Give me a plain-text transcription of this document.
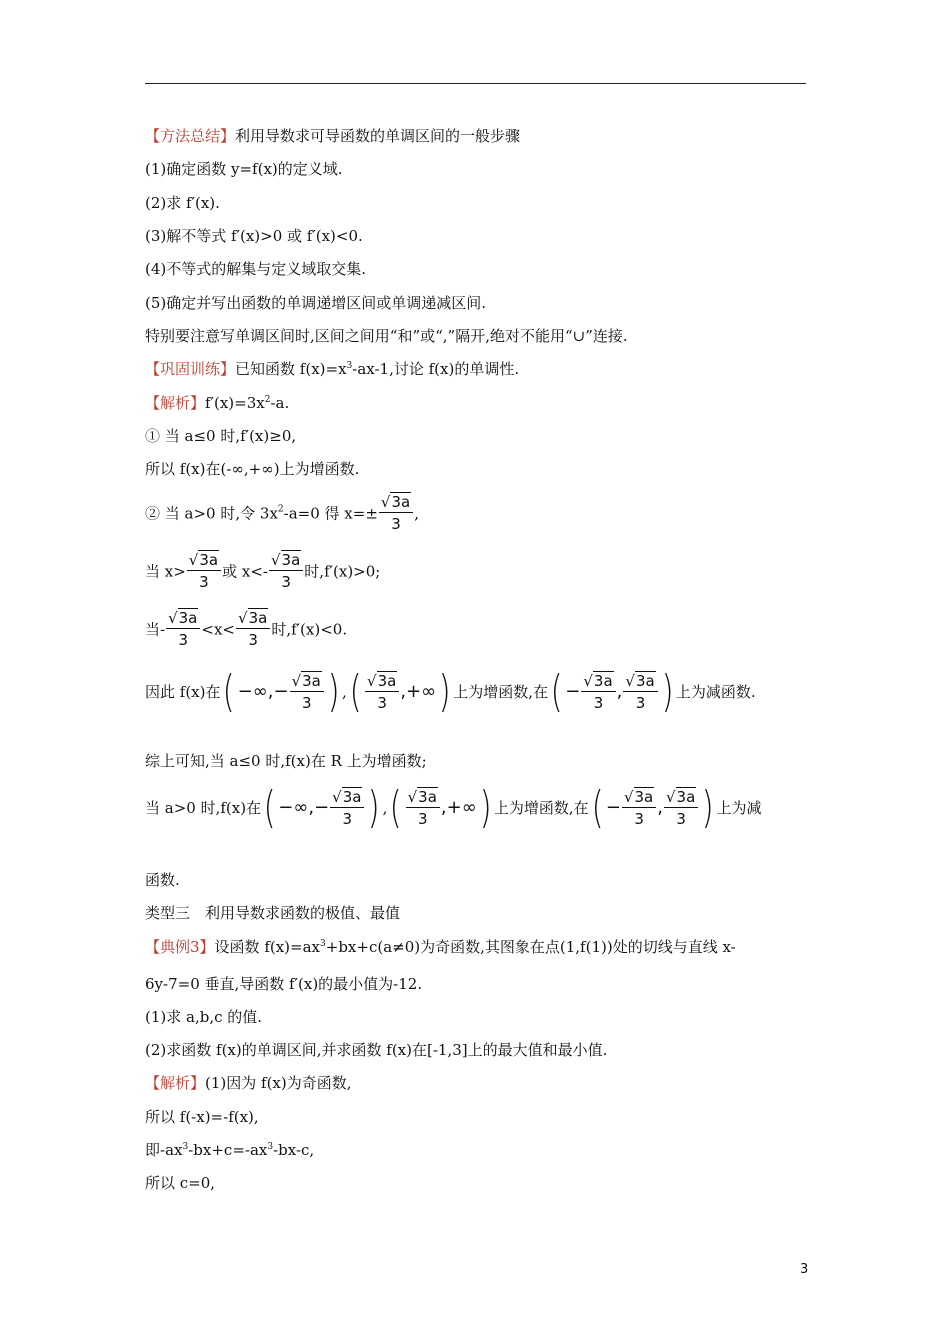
【方法总结】利用导数求可导函数的单调区间的一般步骤
(1)确定函数 y=f(x)的定义域.
(2)求 f′(x).
(3)解不等式 f′(x)>0 或 f′(x)<0.
(4)不等式的解集与定义域取交集.
(5)确定并写出函数的单调递增区间或单调递减区间.
特别要注意写单调区间时,区间之间用“和”或“,”隔开,绝对不能用“∪”连接.
【巩固训练】已知函数 $f(x)=x^3-ax-1$,讨论 f(x)的单调性.
【解析】$f'(x)=3x^2-a$.
① 当 a≤0 时,f′(x)≥0,
所以 f(x)在(-∞,+∞)上为增函数.
② 当 a>0 时,令 $3x^2-a=0$ 得 $x=\pm \frac{√3a}{3}$ ,
当 $x> \frac{√3a}{3}$ 或 $x<- \frac{√3a}{3}$ 时,f′(x)>0;
当- $\frac{√3a}{3} <x< \frac{√3a}{3}$ 时,f′(x)<0.
因此 f(x)在( −∞,− $\frac{√3a}{3}$ ) ,( $\frac{√3a}{3}$ ,+∞) 上为增函数,在( − $\frac{√3a}{3}$ , $\frac{√3a}{3}$ ) 上为减函数.
综上可知,当 a≤0 时,f(x)在 R 上为增函数;
当 a>0 时,f(x)在( −∞,− $\frac{√3a}{3}$ ) ,( $\frac{√3a}{3}$ ,+∞) 上为增函数,在( − $\frac{√3a}{3}$ , $\frac{√3a}{3}$ ) 上为减
函数.
类型三　利用导数求函数的极值、最值
【典例3】设函数 $f(x)=ax^3+bx+c(a\ne 0)$为奇函数,其图象在点(1,f(1))处的切线与直线 x-
6y-7=0 垂直,导函数 f′(x)的最小值为-12.
(1)求 a,b,c 的值.
(2)求函数 f(x)的单调区间,并求函数 f(x)在[-1,3]上的最大值和最小值.
【解析】(1)因为 f(x)为奇函数,
所以 f(-x)=-f(x),
即$-ax^3-bx+c=-ax^3-bx-c$,
所以 c=0,
3
